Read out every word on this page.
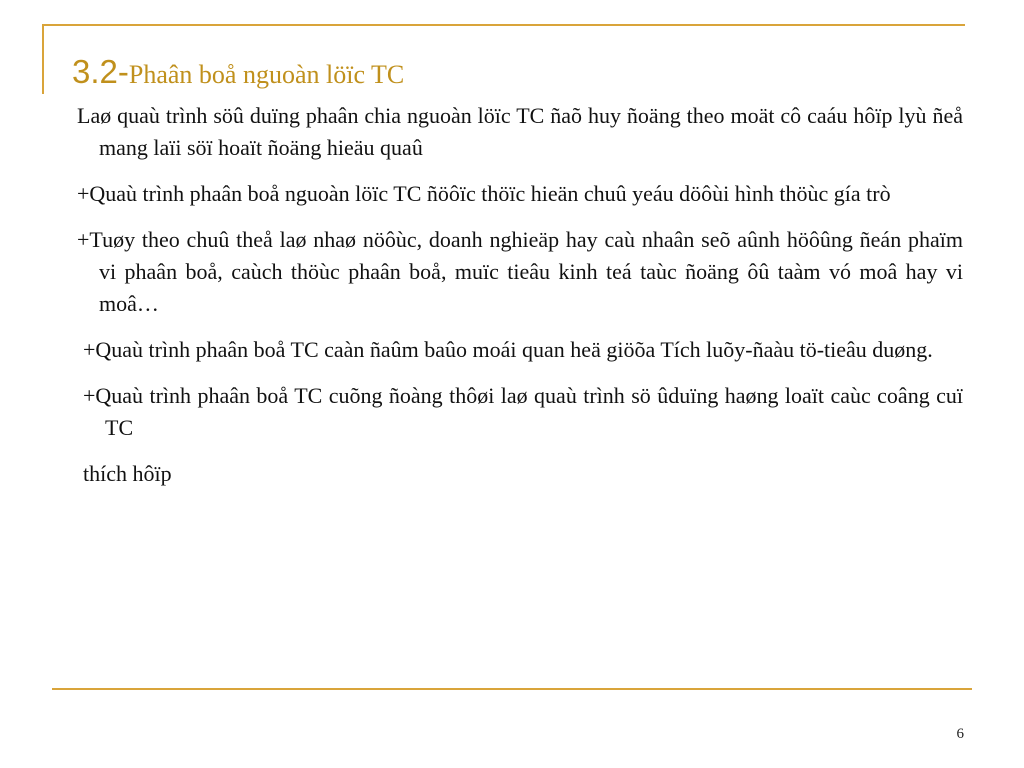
3.2-Phaân boå nguoàn löïc TC

Laø quaù trình söû duïng phaân chia nguoàn löïc TC ñaõ huy ñoäng theo moät cô caáu hôïp lyù ñeå mang laïi söï hoaït ñoäng hieäu quaû

+Quaù trình phaân boå nguoàn löïc TC ñöôïc thöïc hieän chuû yeáu döôùi hình thöùc gía trò

+Tuøy theo chuû theå laø nhaø nöôùc, doanh nghieäp hay caù nhaân seõ aûnh höôûng ñeán phaïm vi phaân boå, caùch thöùc phaân boå, muïc tieâu kinh teá taùc ñoäng ôû taàm vó moâ hay vi moâ…

+Quaù trình phaân boå TC caàn ñaûm baûo moái quan heä giöõa Tích luõy-ñaàu tö-tieâu duøng.

+Quaù trình phaân boå TC cuõng ñoàng thôøi laø quaù trình sö ûduïng haøng loaït caùc coâng cuï TC

thích hôïp

6
